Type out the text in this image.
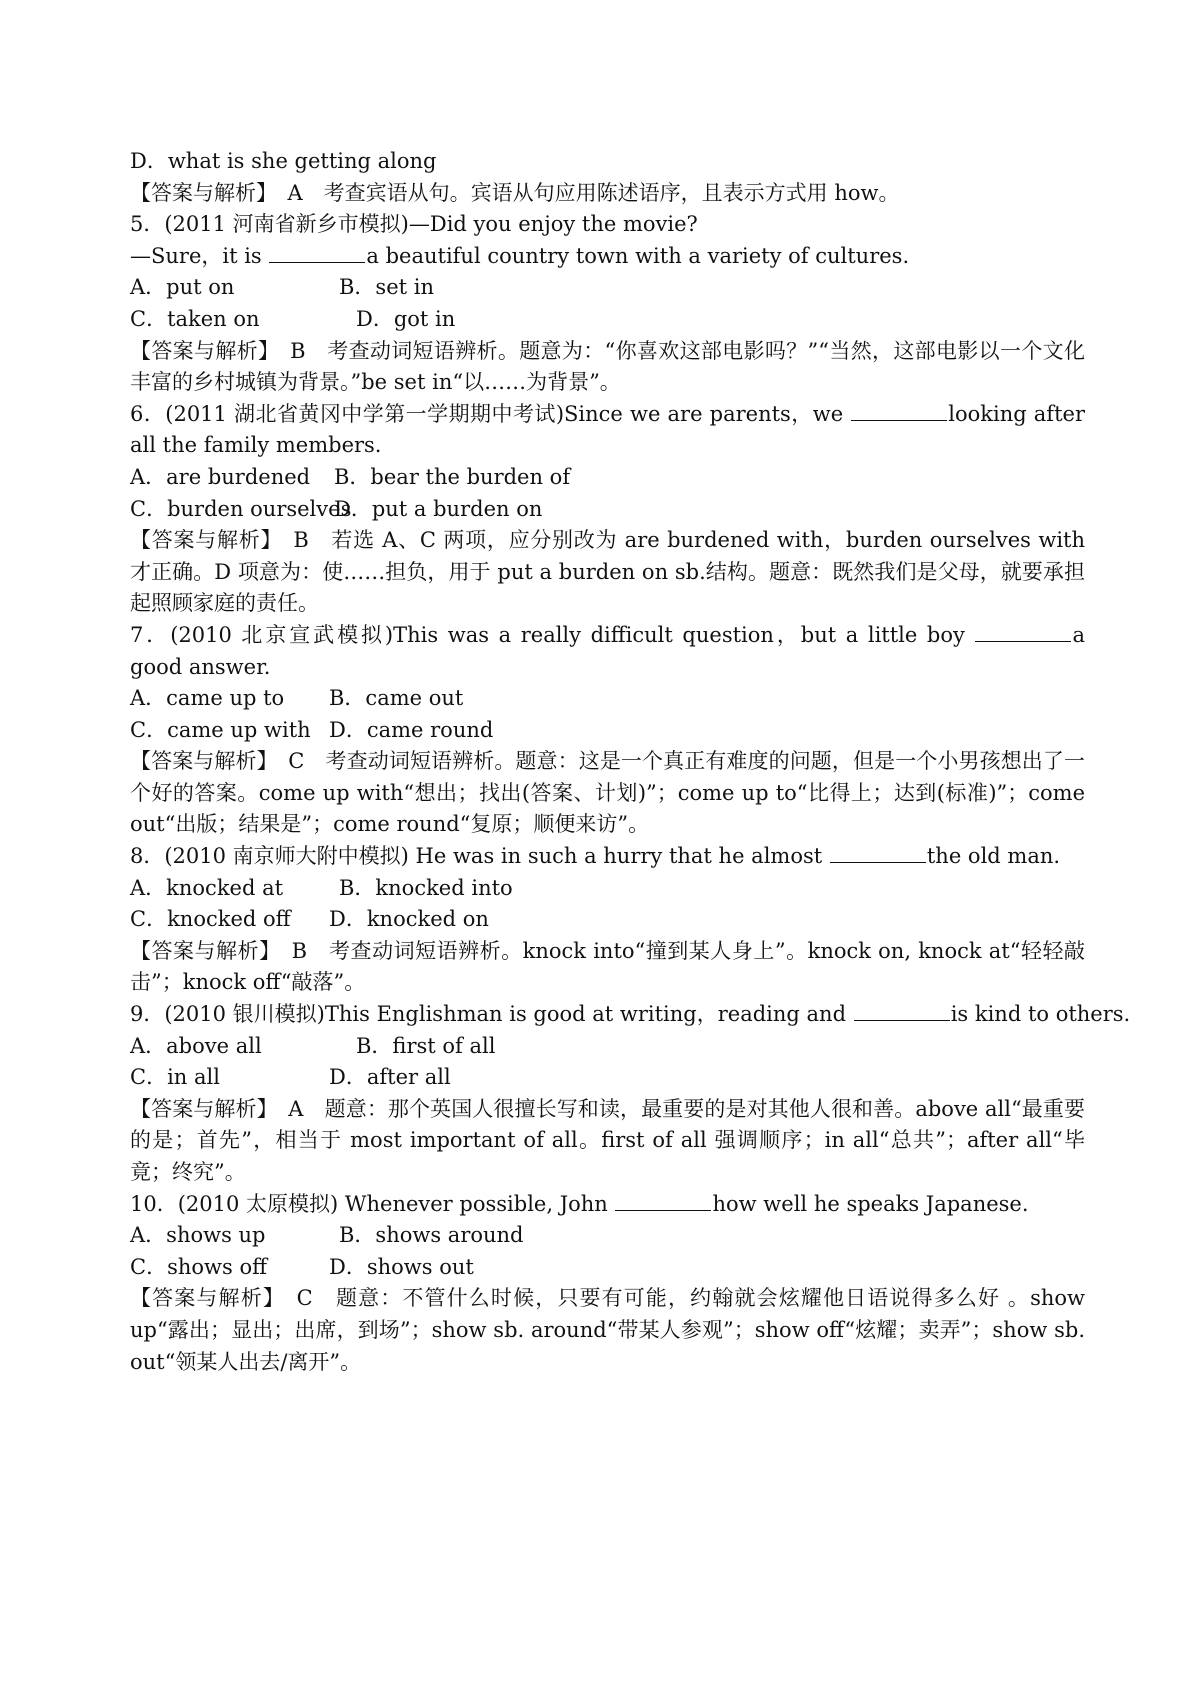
D．what is she getting along
【答案与解析】　A　考查宾语从句。宾语从句应用陈述语序，且表示方式用 how。
5．(2011 河南省新乡市模拟)—Did you enjoy the movie?
—Sure，it is	a beautiful country town with a variety of cultures.
A．put on	B．set in
C．taken on	D．got in
【答案与解析】　B　考查动词短语辨析。题意为：“你喜欢这部电影吗？”“当然，这部电影以一个文化丰富的乡村城镇为背景。”be set in“以……为背景”。
6．(2011 湖北省黄冈中学第一学期期中考试)Since we are parents，we	looking after all the family members.
A．are burdened	B．bear the burden of
C．burden ourselves
D．put a burden on
【答案与解析】　B　若选 A、C 两项，应分别改为 are burdened with，burden ourselves with 才正确。D 项意为：使……担负，用于 put a burden on sb.结构。题意：既然我们是父母，就要承担起照顾家庭的责任。
7．(2010 北京宣武模拟)This was a really difficult question，but a little boy	a good answer.
A．came up to	B．came out
C．came up with D．came round
【答案与解析】　C　考查动词短语辨析。题意：这是一个真正有难度的问题，但是一个小男孩想出了一个好的答案。come up with“想出；找出(答案、计划)”；come up to“比得上；达到(标准)”；come out“出版；结果是”；come round“复原；顺便来访”。
8．(2010 南京师大附中模拟) He was in such a hurry that he almost	the old man.
A．knocked at	B．knocked into
C．knocked off	D．knocked on
【答案与解析】　B　考查动词短语辨析。knock into“撞到某人身上”。knock on, knock at“轻轻敲击”；knock off“敲落”。
9．(2010 银川模拟)This Englishman is good at writing，reading and	is kind to others.
A．above all	B．first of all
C．in all	D．after all
【答案与解析】　A　题意：那个英国人很擅长写和读，最重要的是对其他人很和善。above all“最重要的是；首先”，相当于 most important of all。first of all 强调顺序；in all“总共”；after all“毕竟；终究”。
10．(2010 太原模拟) Whenever possible, John	how well he speaks Japanese.
A．shows up	B．shows around
C．shows off	D．shows out
【答案与解析】　C　题意：不管什么时候，只要有可能，约翰就会炫耀他日语说得多么好 。show up“露出；显出；出席，到场”；show sb. around“带某人参观”；show off“炫耀；卖弄”；show sb. out“领某人出去/离开”。
